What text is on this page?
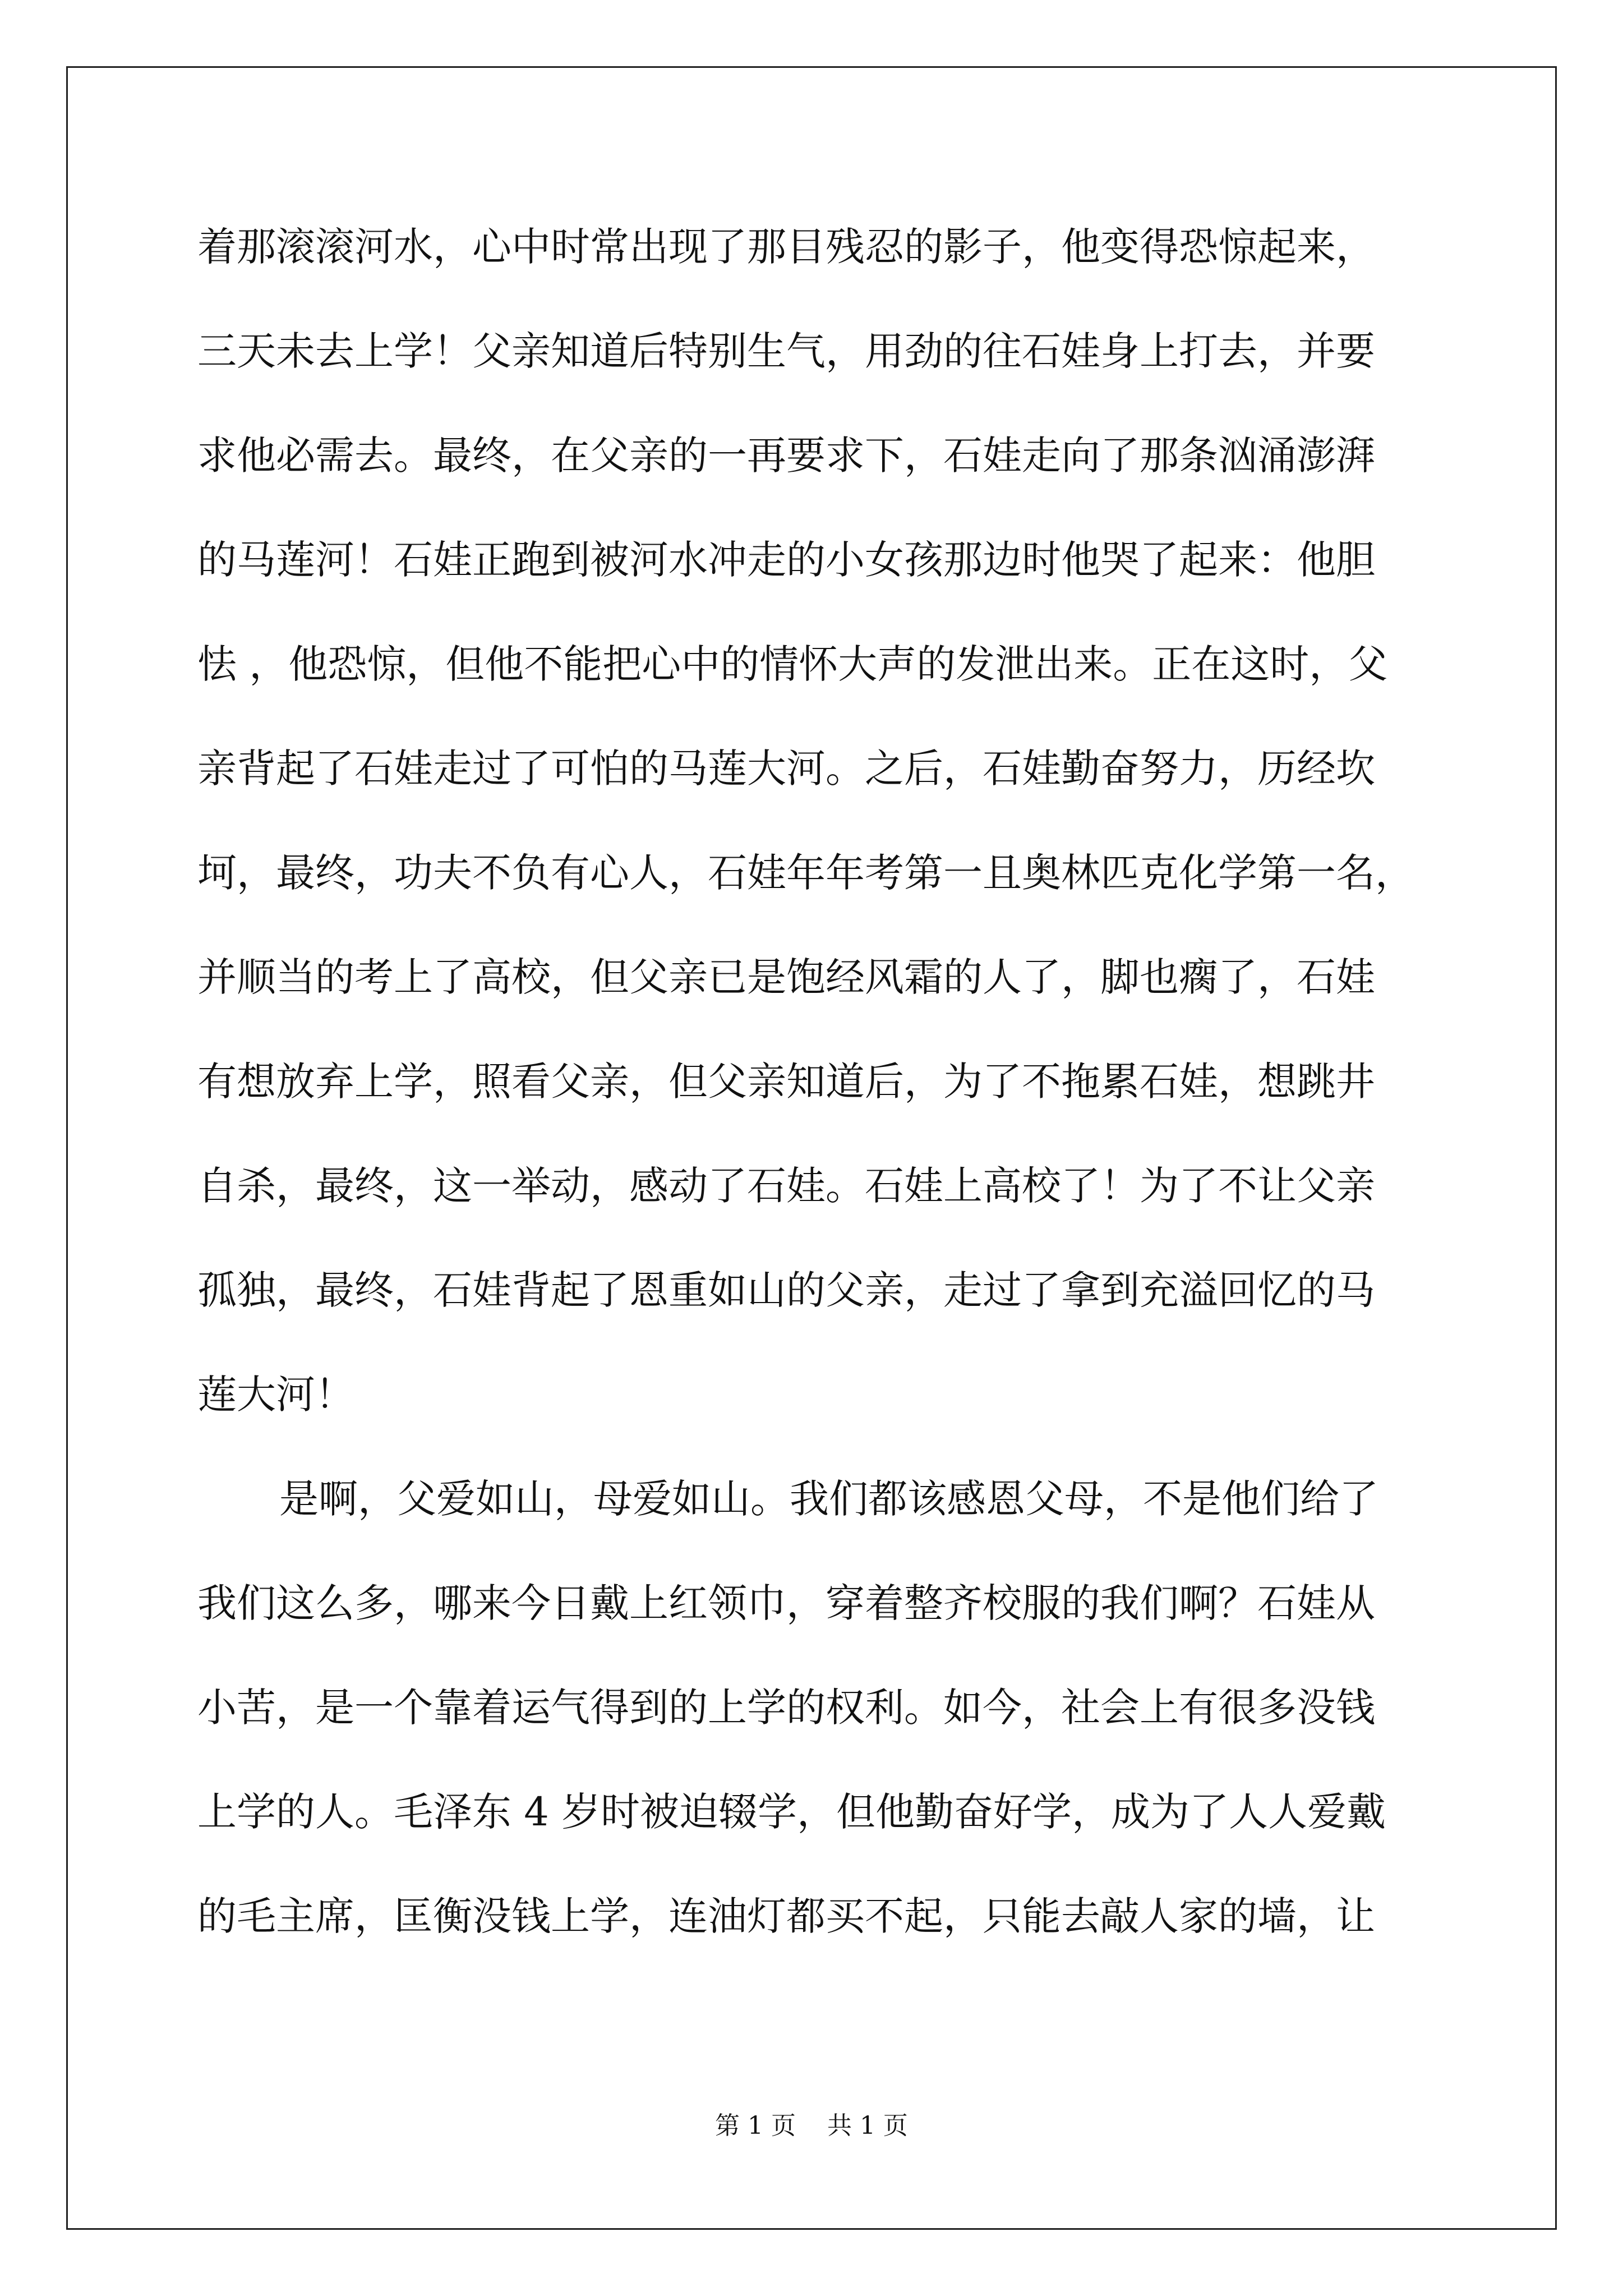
着那滚滚河水，心中时常出现了那目残忍的影子，他变得恐惊起来，
三天未去上学！父亲知道后特别生气，用劲的往石娃身上打去，并要
求他必需去。最终，在父亲的一再要求下，石娃走向了那条汹涌澎湃
的马莲河！石娃正跑到被河水冲走的小女孩那边时他哭了起来：他胆
怯 ，他恐惊，但他不能把心中的情怀大声的发泄出来。正在这时，父
亲背起了石娃走过了可怕的马莲大河。之后，石娃勤奋努力，历经坎
坷，最终，功夫不负有心人，石娃年年考第一且奥林匹克化学第一名，
并顺当的考上了高校，但父亲已是饱经风霜的人了，脚也瘸了，石娃
有想放弃上学，照看父亲，但父亲知道后，为了不拖累石娃，想跳井
自杀，最终，这一举动，感动了石娃。石娃上高校了！为了不让父亲
孤独，最终，石娃背起了恩重如山的父亲，走过了拿到充溢回忆的马
莲大河！
是啊，父爱如山，母爱如山。我们都该感恩父母，不是他们给了
我们这么多，哪来今日戴上红领巾，穿着整齐校服的我们啊？石娃从
小苦，是一个靠着运气得到的上学的权利。如今，社会上有很多没钱
上学的人。毛泽东 4 岁时被迫辍学，但他勤奋好学，成为了人人爱戴
的毛主席，匡衡没钱上学，连油灯都买不起，只能去敲人家的墙，让
第 1 页    共 1 页
